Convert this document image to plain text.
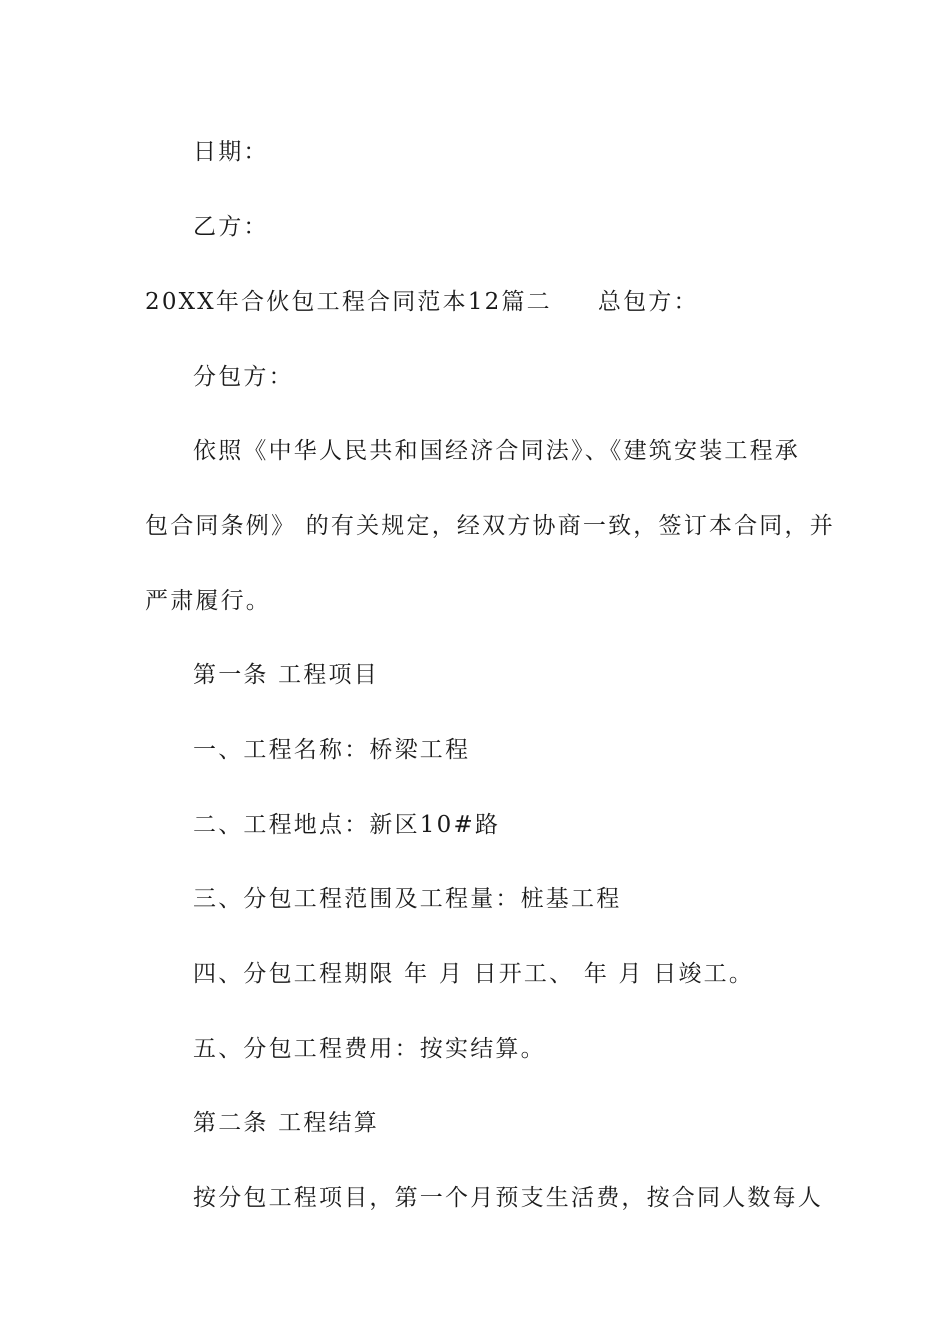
日期：
乙方：
20XX年合伙包工程合同范本12篇二 总包方：
分包方：
依照《中华人民共和国经济合同法》、《建筑安装工程承
包合同条例》 的有关规定，经双方协商一致，签订本合同，并
严肃履行。
第一条 工程项目
一、工程名称：桥梁工程
二、工程地点：新区10#路
三、分包工程范围及工程量：桩基工程
四、分包工程期限 年 月 日开工、 年 月 日竣工。
五、分包工程费用：按实结算。
第二条 工程结算
按分包工程项目，第一个月预支生活费，按合同人数每人
